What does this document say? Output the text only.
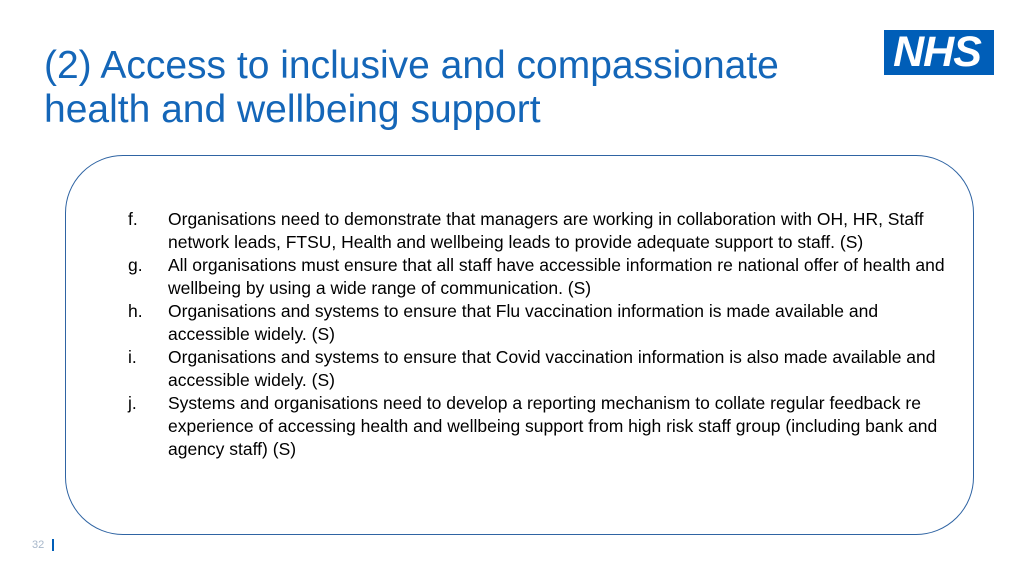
(2) Access to inclusive and compassionate health and wellbeing support
NHS
f.	Organisations need to demonstrate that managers are working in collaboration with OH, HR, Staff network leads, FTSU, Health and wellbeing leads to provide adequate support to staff. (S)
g.	All organisations must ensure that all staff have accessible information re national offer of health and wellbeing by using a wide range of communication. (S)
h.	Organisations and systems to ensure that Flu vaccination information is made available and accessible widely. (S)
i.	Organisations and systems to ensure that Covid vaccination information is also made available and accessible widely. (S)
j.	Systems and organisations need to develop a reporting mechanism to collate regular feedback re experience of accessing health and wellbeing support from high risk staff group (including bank and agency staff) (S)
32
